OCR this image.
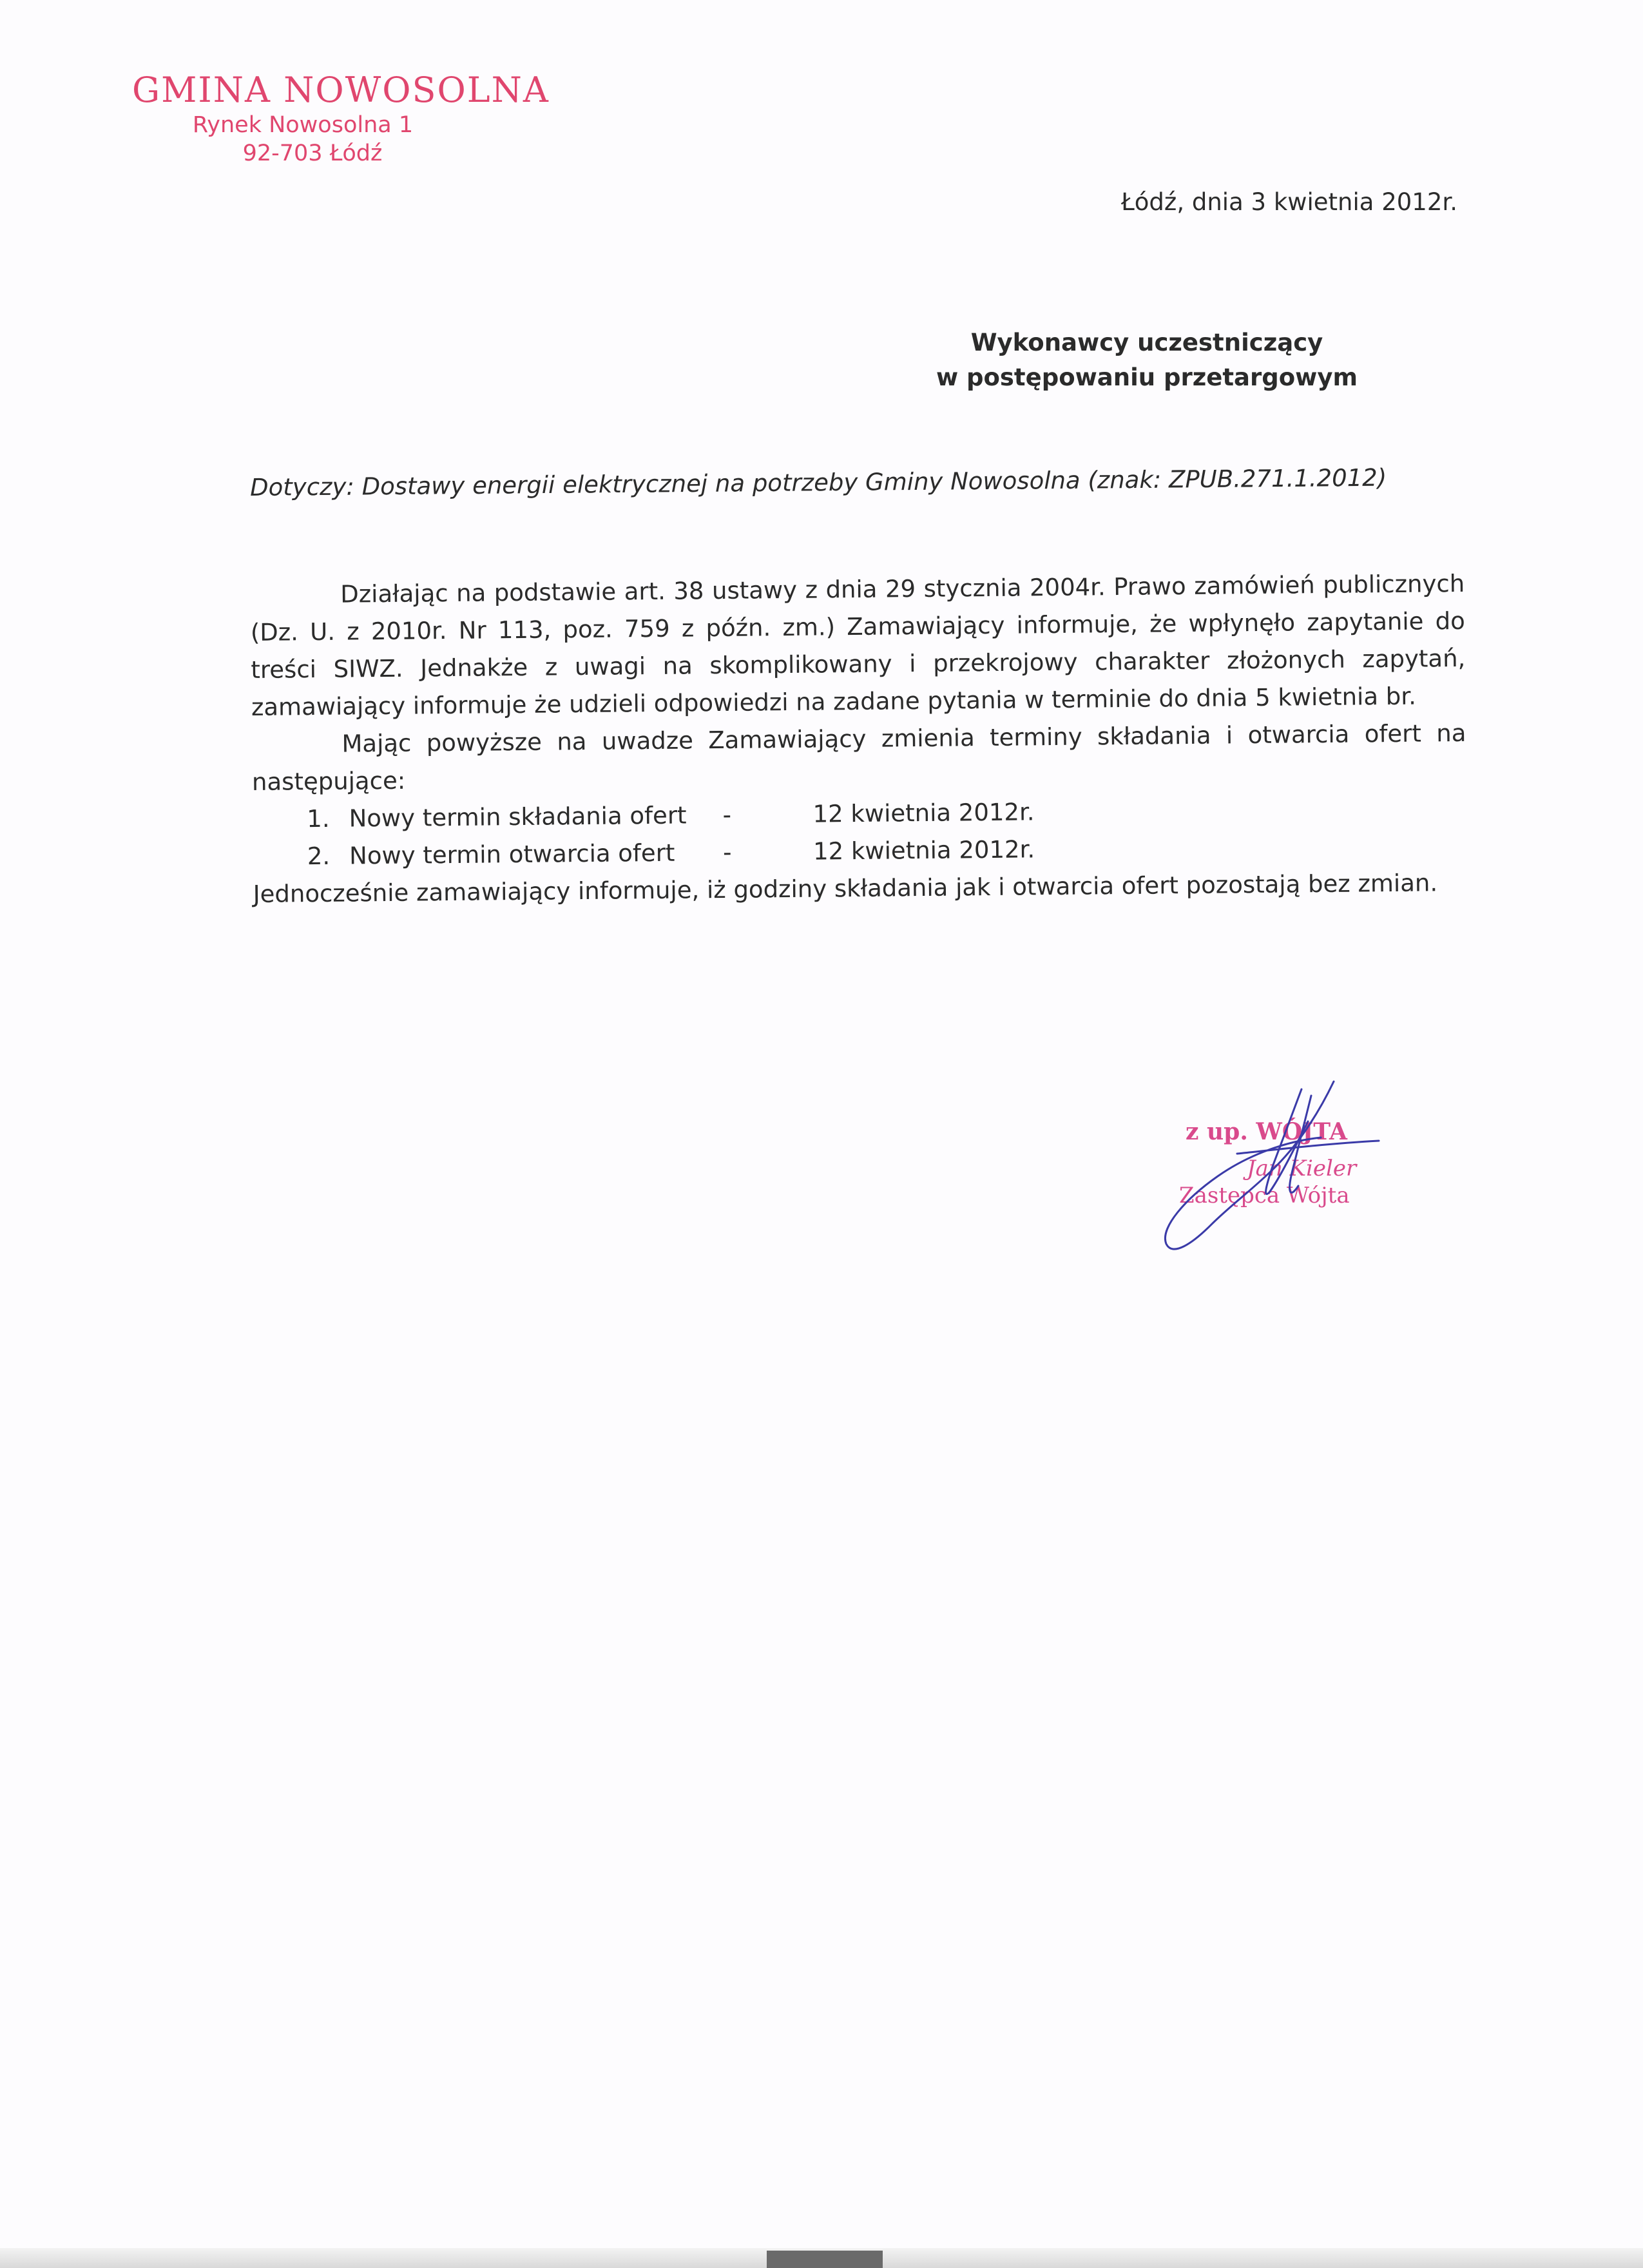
GMINA NOWOSOLNA
Rynek Nowosolna 1
92-703 Łódź
Łódź, dnia 3 kwietnia 2012r.
Wykonawcy uczestniczący
w postępowaniu przetargowym
Dotyczy: Dostawy energii elektrycznej na potrzeby Gminy Nowosolna (znak: ZPUB.271.1.2012)

Działając na podstawie art. 38 ustawy z dnia 29 stycznia 2004r. Prawo zamówień publicznych (Dz. U. z 2010r. Nr 113, poz. 759 z późn. zm.) Zamawiający informuje, że wpłynęło zapytanie do treści SIWZ. Jednakże z uwagi na skomplikowany i przekrojowy charakter złożonych zapytań, zamawiający informuje że udzieli odpowiedzi na zadane pytania w terminie do dnia 5 kwietnia br.

Mając powyższe na uwadze Zamawiający zmienia terminy składania i otwarcia ofert na następujące:

1. Nowy termin składania ofert	-	12 kwietnia 2012r.
2. Nowy termin otwarcia ofert	-	12 kwietnia 2012r.

Jednocześnie zamawiający informuje, iż godziny składania jak i otwarcia ofert pozostają bez zmian.

z up. WÓJTA
Jan Kieler
Zastępca Wójta
